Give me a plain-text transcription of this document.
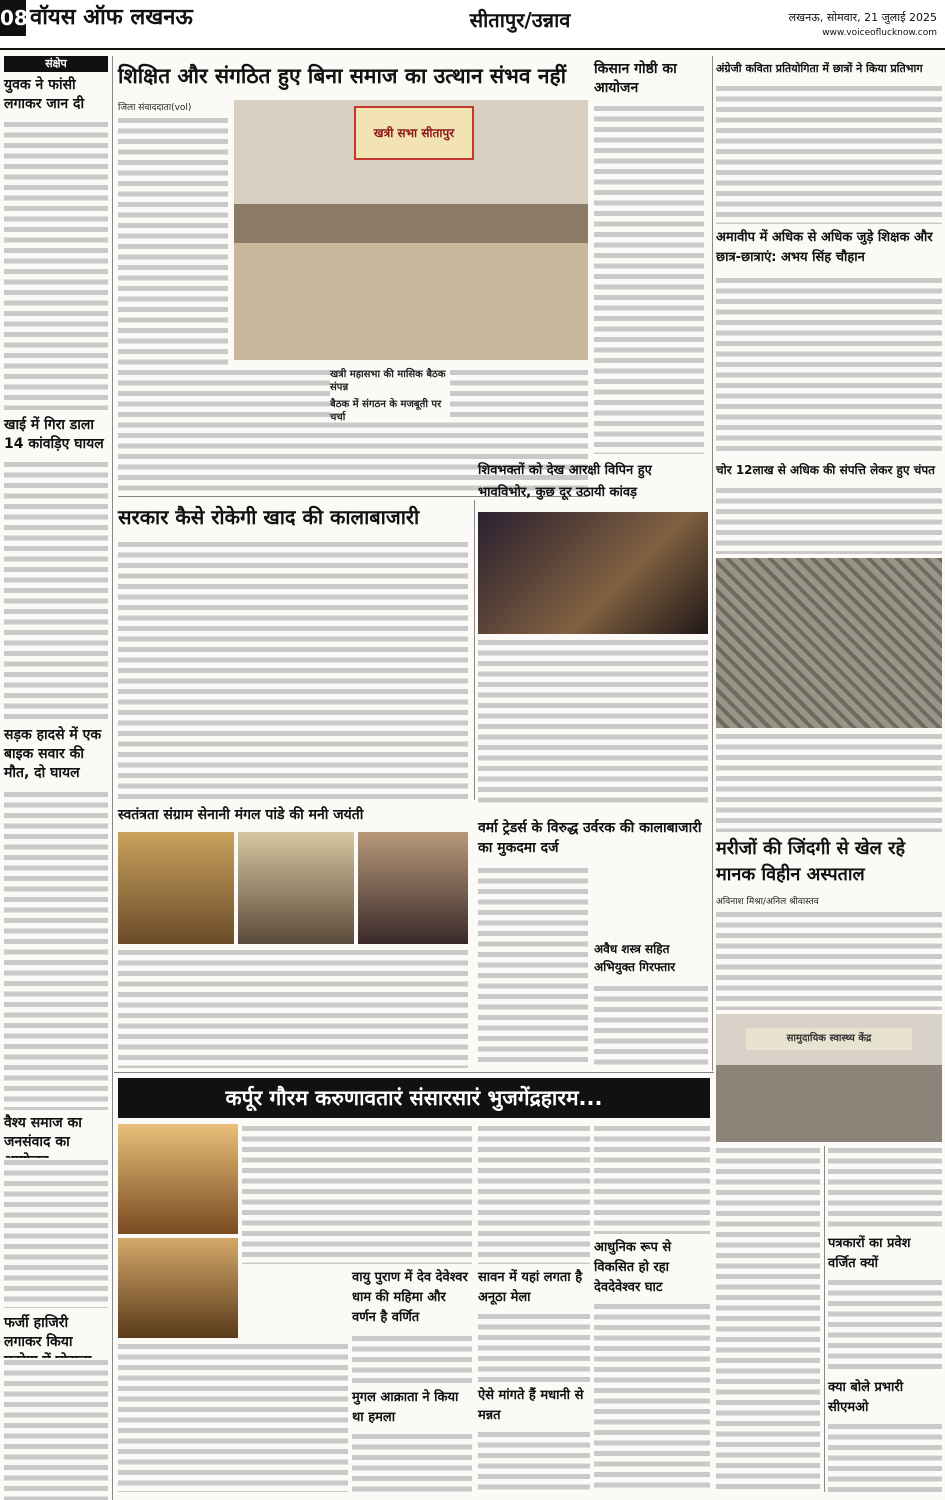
08 वॉयस ऑफ लखनऊ	सीतापुर/उन्नाव	लखनऊ, सोमवार, 21 जुलाई 2025
www.voiceoflucknow.com
संक्षेप
युवक ने फांसी लगाकर जान दी
खाई में गिरा डाला 14 कांवड़िए घायल
सड़क हादसे में एक बाइक सवार की मौत, दो घायल
वैश्य समाज का जनसंवाद का
फर्जी हाजिरी लगाकर किया
शिक्षित और संगठित हुए बिना समाज का उत्थान संभव नहीं
जिला संवाददाता(vol)
खत्री सभा सीतापुर
खत्री महासभा की मासिक बैठक संपन्न
बैठक में संगठन के मजबूती पर चर्चा
सरकार कैसे रोकेगी खाद की कालाबाजारी
स्वतंत्रता संग्राम सेनानी मंगल पांडे की मनी जयंती
वर्मा ट्रेडर्स के विरुद्ध उर्वरक की कालाबाजारी का मुकदमा दर्ज
किसान गोष्ठी का आयोजन
शिवभक्तों को देख आरक्षी विपिन हुए भावविभोर, कुछ दूर उठायी कांवड़
अवैध शस्त्र सहित अभियुक्त गिरफ्तार
अंग्रेजी कविता प्रतियोगिता में छात्रों ने किया प्रतिभाग
अमावीप में अधिक से अधिक जुड़े शिक्षक और छात्र-छात्राएं: अभय सिंह चौहान
चोर 12लाख से अधिक की संपत्ति लेकर हुए चंपत
मरीजों की जिंदगी से खेल रहे मानक विहीन अस्पताल
अविनाश मिश्रा/अनिल श्रीवास्तव
सामुदायिक स्वास्थ्य केंद्र
कर्पूर गौरम करुणावतारं संसारसारं भुजगेंद्रहारम...
वायु पुराण में देव देवेश्वर धाम की महिमा और वर्णन है वर्णित
मुगल आक्राता ने किया था हमला
सावन में यहां लगता है अनूठा मेला
ऐसे मांगते हैं मधानी से मन्नत
आधुनिक रूप से विकसित हो रहा देवदेवेश्वर घाट
पत्रकारों का प्रवेश वर्जित क्यों
क्या बोले प्रभारी सीएमओ
